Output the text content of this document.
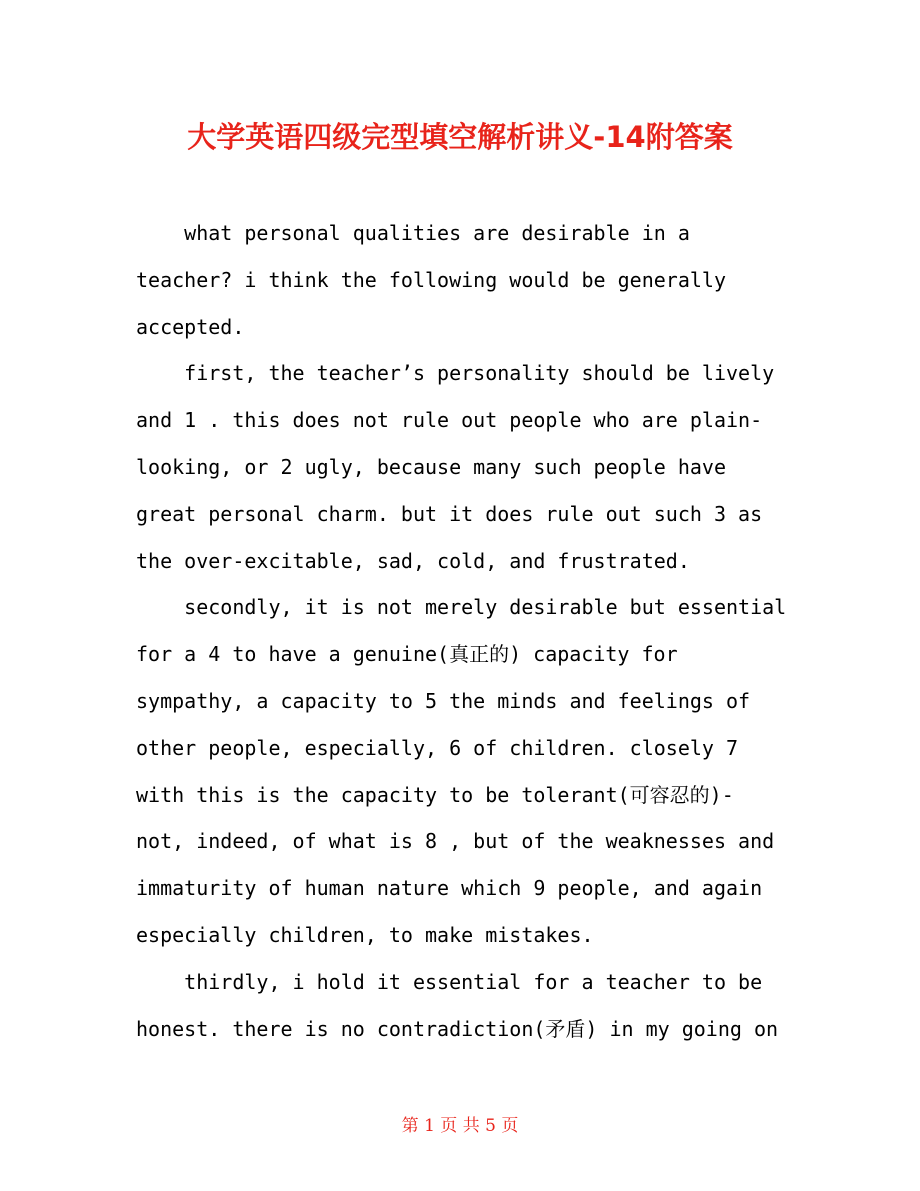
大学英语四级完型填空解析讲义-14附答案
what personal qualities are desirable in a
teacher? i think the following would be generally
accepted.
first, the teacher’s personality should be lively
and 1 . this does not rule out people who are plain-
looking, or 2 ugly, because many such people have
great personal charm. but it does rule out such 3 as
the over-excitable, sad, cold, and frustrated.
secondly, it is not merely desirable but essential
for a 4 to have a genuine(真正的) capacity for
sympathy, a capacity to 5 the minds and feelings of
other people, especially, 6 of children. closely 7
with this is the capacity to be tolerant(可容忍的)-
not, indeed, of what is 8 , but of the weaknesses and
immaturity of human nature which 9 people, and again
especially children, to make mistakes.
thirdly, i hold it essential for a teacher to be
honest. there is no contradiction(矛盾) in my going on
第 1 页 共 5 页
